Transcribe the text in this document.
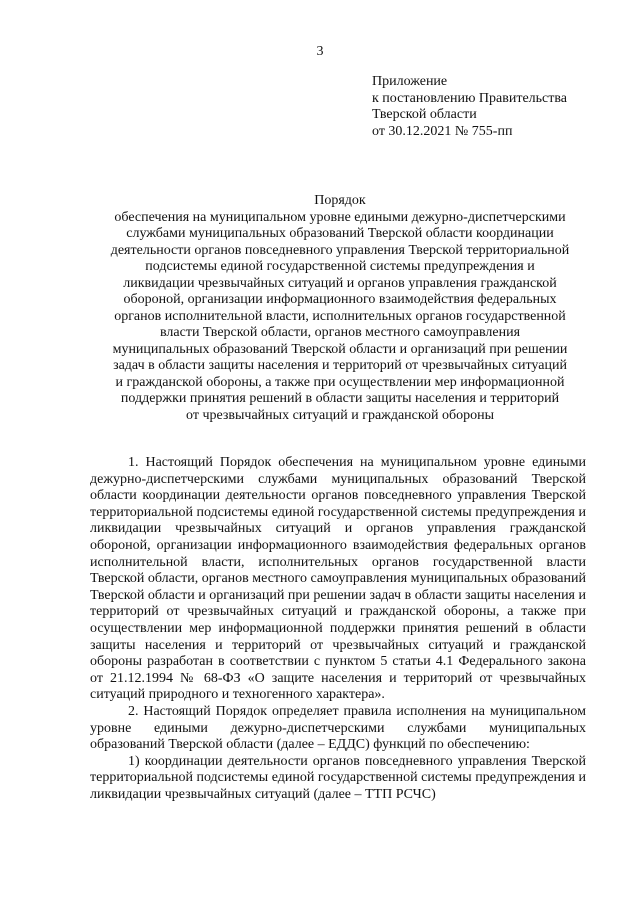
3
Приложение
к постановлению Правительства
Тверской области
от 30.12.2021 № 755-пп
Порядок
обеспечения на муниципальном уровне едиными дежурно-диспетчерскими
службами муниципальных образований Тверской области координации
деятельности органов повседневного управления Тверской территориальной
подсистемы единой государственной системы предупреждения и
ликвидации чрезвычайных ситуаций и органов управления гражданской
обороной, организации информационного взаимодействия федеральных
органов исполнительной власти, исполнительных органов государственной
власти Тверской области, органов местного самоуправления
муниципальных образований Тверской области и организаций при решении
задач в области защиты населения и территорий от чрезвычайных ситуаций
и гражданской обороны, а также при осуществлении мер информационной
поддержки принятия решений в области защиты населения и территорий
от чрезвычайных ситуаций и гражданской обороны

1. Настоящий Порядок обеспечения на муниципальном уровне едиными дежурно-диспетчерскими службами муниципальных образований Тверской области координации деятельности органов повседневного управления Тверской территориальной подсистемы единой государственной системы предупреждения и ликвидации чрезвычайных ситуаций и органов управления гражданской обороной, организации информационного взаимодействия федеральных органов исполнительной власти, исполнительных органов государственной власти Тверской области, органов местного самоуправления муниципальных образований Тверской области и организаций при решении задач в области защиты населения и территорий от чрезвычайных ситуаций и гражданской обороны, а также при осуществлении мер информационной поддержки принятия решений в области защиты населения и территорий от чрезвычайных ситуаций и гражданской обороны разработан в соответствии с пунктом 5 статьи 4.1 Федерального закона от 21.12.1994 № 68-ФЗ «О защите населения и территорий от чрезвычайных ситуаций природного и техногенного характера».

2. Настоящий Порядок определяет правила исполнения на муниципальном уровне едиными дежурно-диспетчерскими службами муниципальных образований Тверской области (далее – ЕДДС) функций по обеспечению:

1) координации деятельности органов повседневного управления Тверской территориальной подсистемы единой государственной системы предупреждения и ликвидации чрезвычайных ситуаций (далее – ТТП РСЧС)
